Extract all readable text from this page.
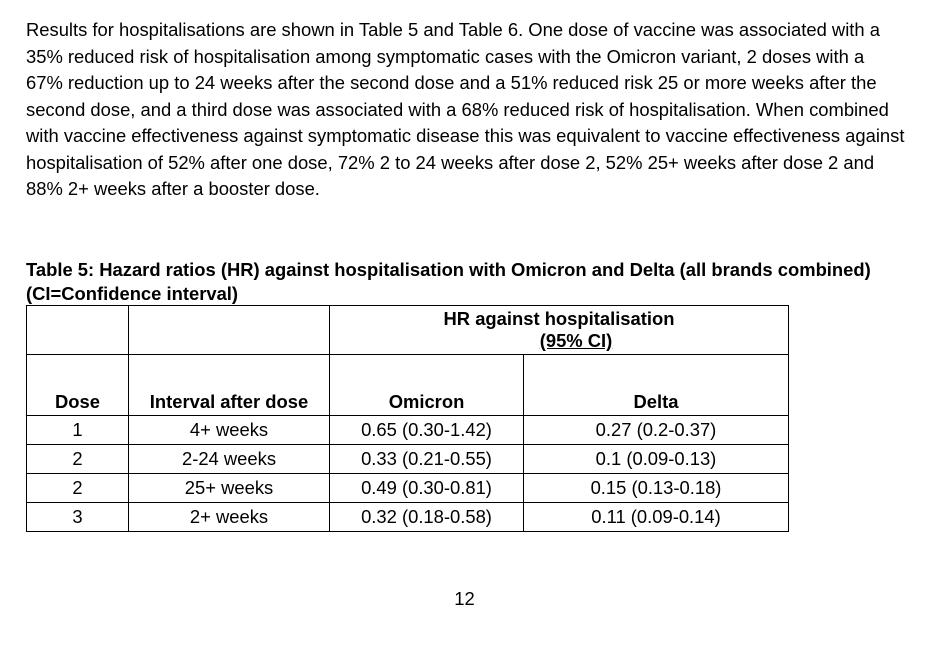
Results for hospitalisations are shown in Table 5 and Table 6. One dose of vaccine was associated with a 35% reduced risk of hospitalisation among symptomatic cases with the Omicron variant, 2 doses with a 67% reduction up to 24 weeks after the second dose and a 51% reduced risk 25 or more weeks after the second dose, and a third dose was associated with a 68% reduced risk of hospitalisation. When combined with vaccine effectiveness against symptomatic disease this was equivalent to vaccine effectiveness against hospitalisation of 52% after one dose, 72% 2 to 24 weeks after dose 2, 52% 25+ weeks after dose 2 and 88% 2+ weeks after a booster dose.

Table 5: Hazard ratios (HR) against hospitalisation with Omicron and Delta (all brands combined) (CI=Confidence interval)

		HR against hospitalisation
(95% CI)	

Dose	Interval after dose	Omicron	Delta
1	4+ weeks	0.65 (0.30-1.42)	0.27 (0.2-0.37)
2	2-24 weeks	0.33 (0.21-0.55)	0.1 (0.09-0.13)
2	25+ weeks	0.49 (0.30-0.81)	0.15 (0.13-0.18)
3	2+ weeks	0.32 (0.18-0.58)	0.11 (0.09-0.14)

12
